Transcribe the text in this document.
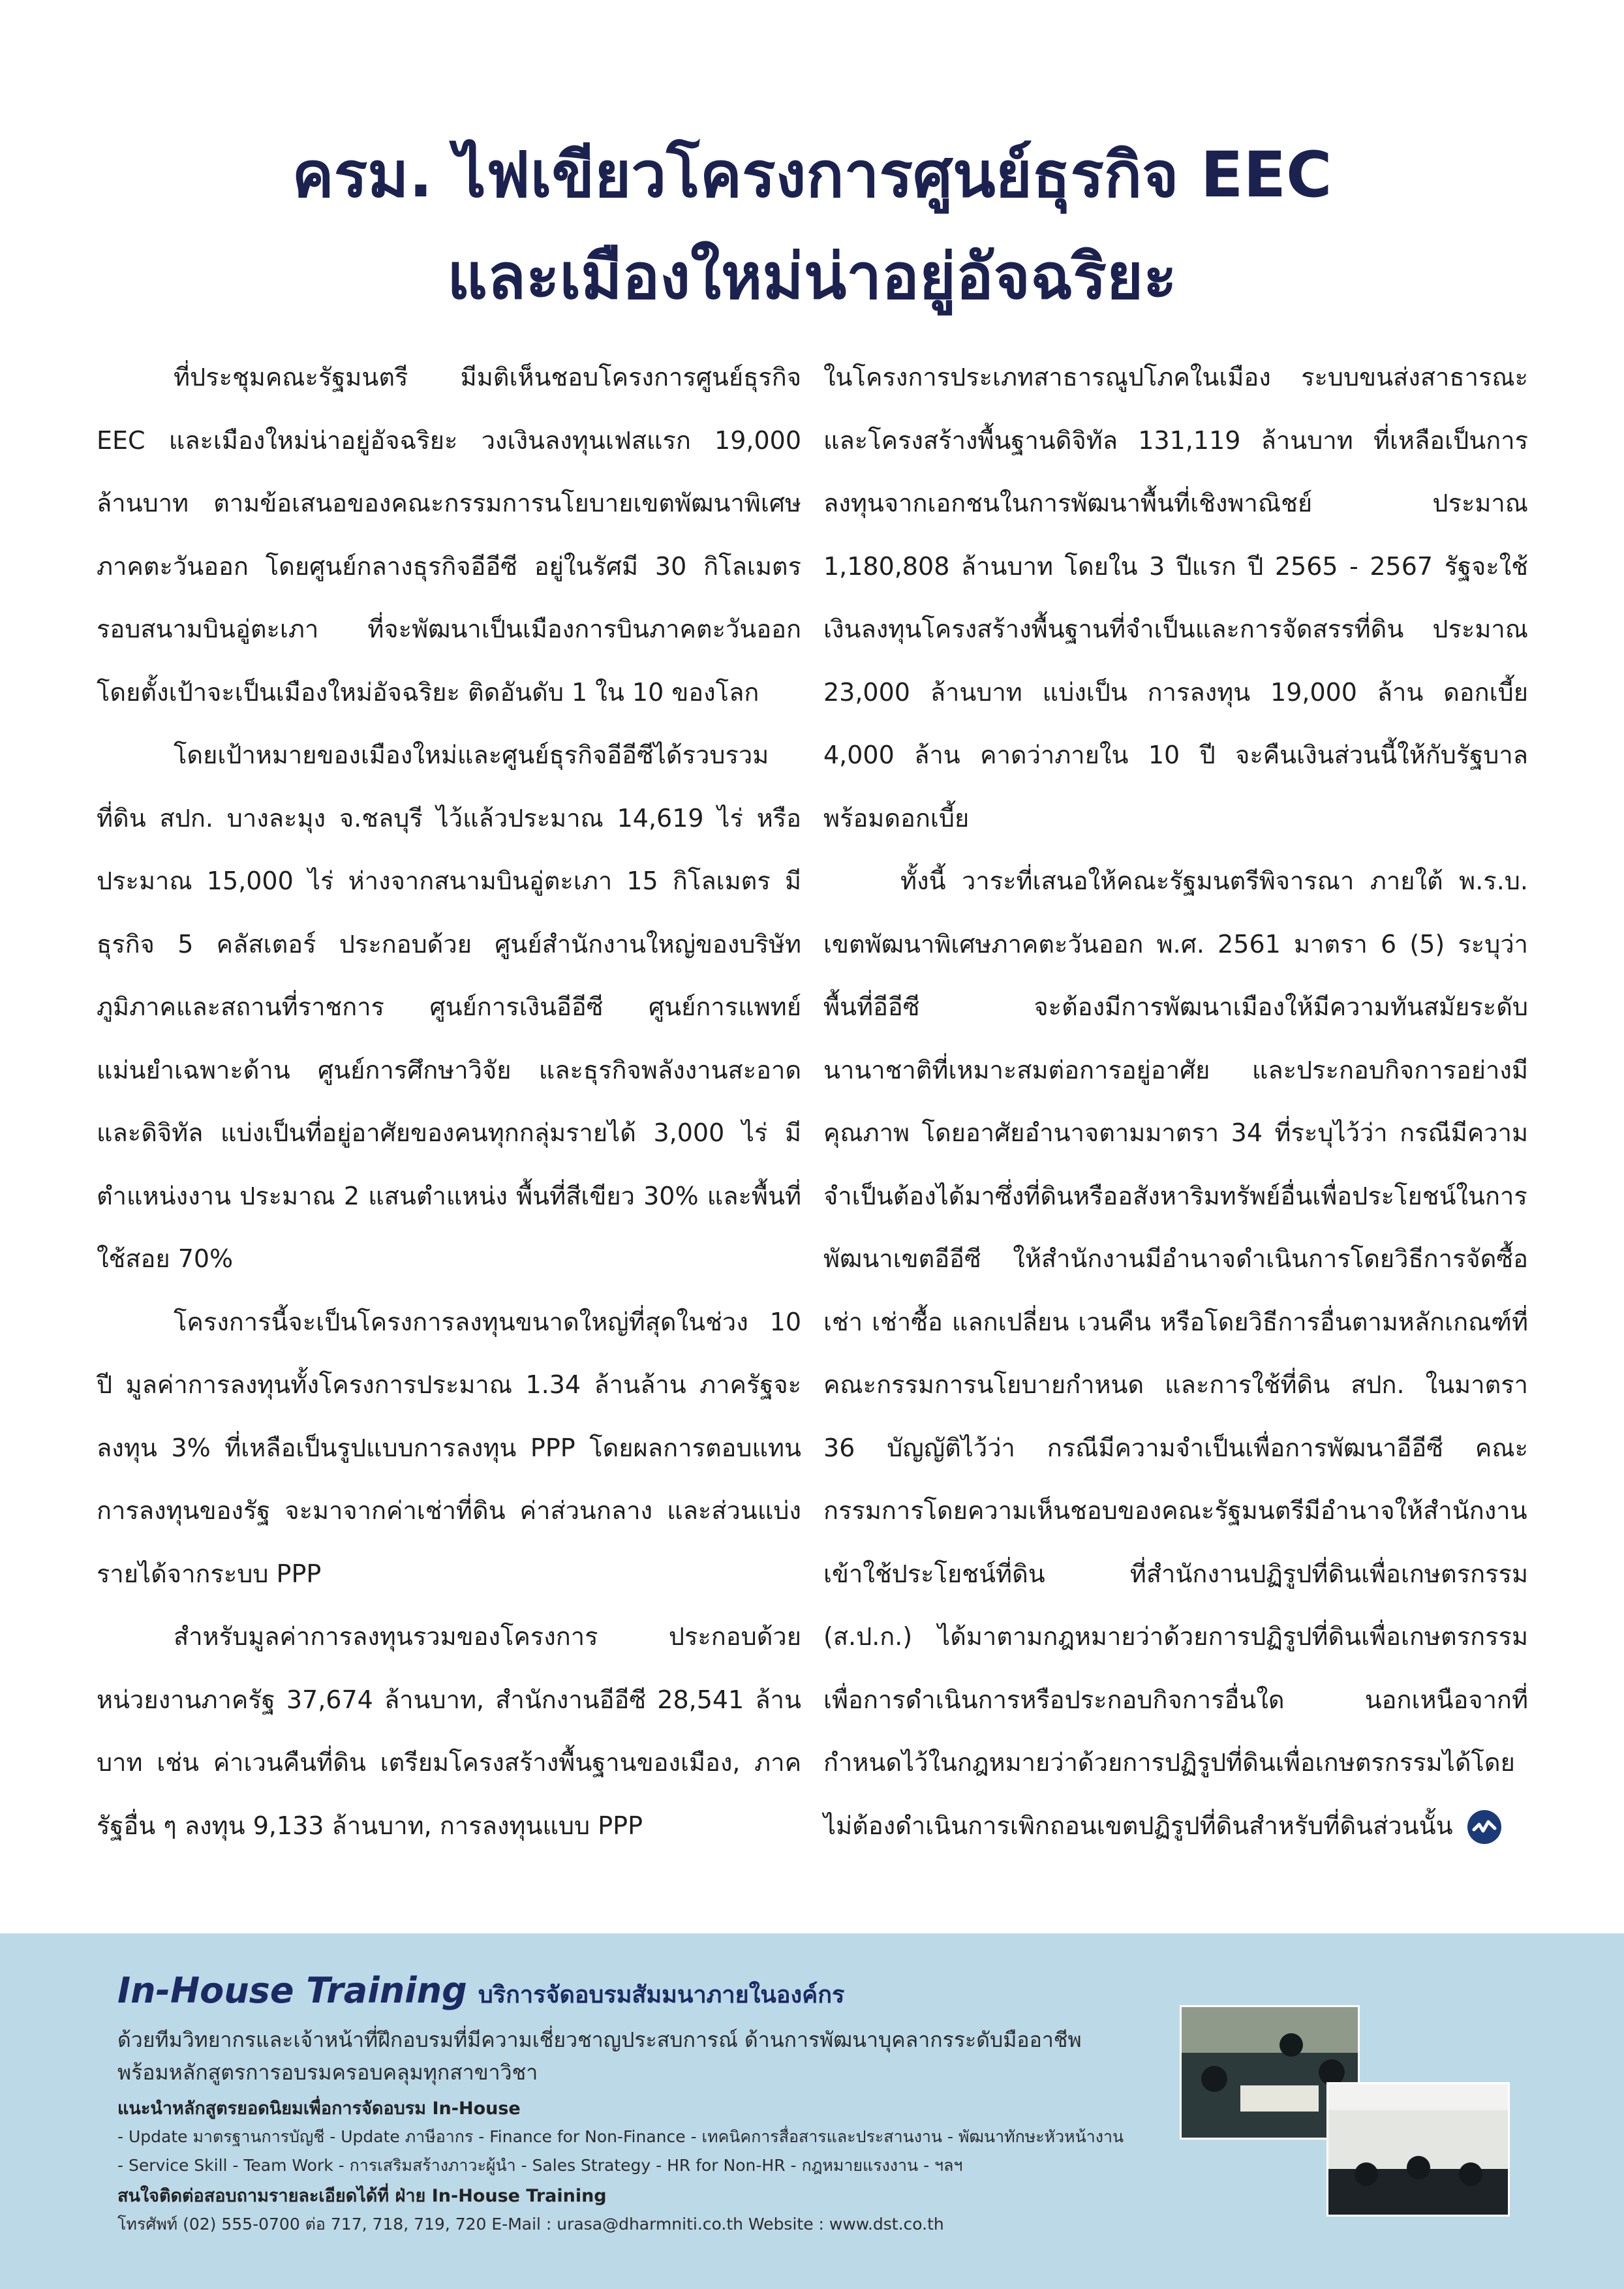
ครม. ไฟเขียวโครงการศูนย์ธุรกิจ EEC
และเมืองใหม่น่าอยู่อัจฉริยะ

ที่ประชุมคณะรัฐมนตรี มีมติเห็นชอบโครงการศูนย์ธุรกิจ EEC และเมืองใหม่น่าอยู่อัจฉริยะ วงเงินลงทุนเฟสแรก 19,000 ล้านบาท ตามข้อเสนอของคณะกรรมการนโยบายเขตพัฒนาพิเศษภาคตะวันออก โดยศูนย์กลางธุรกิจอีอีซี อยู่ในรัศมี 30 กิโลเมตร รอบสนามบินอู่ตะเภา ที่จะพัฒนาเป็นเมืองการบินภาคตะวันออก โดยตั้งเป้าจะเป็นเมืองใหม่อัจฉริยะ ติดอันดับ 1 ใน 10 ของโลก

โดยเป้าหมายของเมืองใหม่และศูนย์ธุรกิจอีอีซีได้รวบรวมที่ดิน สปก. บางละมุง จ.ชลบุรี ไว้แล้วประมาณ 14,619 ไร่ หรือประมาณ 15,000 ไร่ ห่างจากสนามบินอู่ตะเภา 15 กิโลเมตร มีธุรกิจ 5 คลัสเตอร์ ประกอบด้วย ศูนย์สำนักงานใหญ่ของบริษัทภูมิภาคและสถานที่ราชการ ศูนย์การเงินอีอีซี ศูนย์การแพทย์แม่นยำเฉพาะด้าน ศูนย์การศึกษาวิจัย และธุรกิจพลังงานสะอาดและดิจิทัล แบ่งเป็นที่อยู่อาศัยของคนทุกกลุ่มรายได้ 3,000 ไร่ มีตำแหน่งงาน ประมาณ 2 แสนตำแหน่ง พื้นที่สีเขียว 30% และพื้นที่ใช้สอย 70%

โครงการนี้จะเป็นโครงการลงทุนขนาดใหญ่ที่สุดในช่วง 10 ปี มูลค่าการลงทุนทั้งโครงการประมาณ 1.34 ล้านล้าน ภาครัฐจะลงทุน 3% ที่เหลือเป็นรูปแบบการลงทุน PPP โดยผลการตอบแทนการลงทุนของรัฐ จะมาจากค่าเช่าที่ดิน ค่าส่วนกลาง และส่วนแบ่งรายได้จากระบบ PPP

สำหรับมูลค่าการลงทุนรวมของโครงการ ประกอบด้วย หน่วยงานภาครัฐ 37,674 ล้านบาท, สำนักงานอีอีซี 28,541 ล้านบาท เช่น ค่าเวนคืนที่ดิน เตรียมโครงสร้างพื้นฐานของเมือง, ภาครัฐอื่น ๆ ลงทุน 9,133 ล้านบาท, การลงทุนแบบ PPP

ในโครงการประเภทสาธารณูปโภคในเมือง ระบบขนส่งสาธารณะ และโครงสร้างพื้นฐานดิจิทัล 131,119 ล้านบาท ที่เหลือเป็นการลงทุนจากเอกชนในการพัฒนาพื้นที่เชิงพาณิชย์ ประมาณ 1,180,808 ล้านบาท โดยใน 3 ปีแรก ปี 2565 - 2567 รัฐจะใช้เงินลงทุนโครงสร้างพื้นฐานที่จำเป็นและการจัดสรรที่ดิน ประมาณ 23,000 ล้านบาท แบ่งเป็น การลงทุน 19,000 ล้าน ดอกเบี้ย 4,000 ล้าน คาดว่าภายใน 10 ปี จะคืนเงินส่วนนี้ให้กับรัฐบาลพร้อมดอกเบี้ย

ทั้งนี้ วาระที่เสนอให้คณะรัฐมนตรีพิจารณา ภายใต้ พ.ร.บ. เขตพัฒนาพิเศษภาคตะวันออก พ.ศ. 2561 มาตรา 6 (5) ระบุว่า พื้นที่อีอีซี จะต้องมีการพัฒนาเมืองให้มีความทันสมัยระดับนานาชาติที่เหมาะสมต่อการอยู่อาศัย และประกอบกิจการอย่างมีคุณภาพ โดยอาศัยอำนาจตามมาตรา 34 ที่ระบุไว้ว่า กรณีมีความจำเป็นต้องได้มาซึ่งที่ดินหรืออสังหาริมทรัพย์อื่นเพื่อประโยชน์ในการพัฒนาเขตอีอีซี ให้สำนักงานมีอำนาจดำเนินการโดยวิธีการจัดซื้อ เช่า เช่าซื้อ แลกเปลี่ยน เวนคืน หรือโดยวิธีการอื่นตามหลักเกณฑ์ที่คณะกรรมการนโยบายกำหนด และการใช้ที่ดิน สปก. ในมาตรา 36 บัญญัติไว้ว่า กรณีมีความจำเป็นเพื่อการพัฒนาอีอีซี คณะกรรมการโดยความเห็นชอบของคณะรัฐมนตรีมีอำนาจให้สำนักงานเข้าใช้ประโยชน์ที่ดิน ที่สำนักงานปฏิรูปที่ดินเพื่อเกษตรกรรม (ส.ป.ก.) ได้มาตามกฎหมายว่าด้วยการปฏิรูปที่ดินเพื่อเกษตรกรรม เพื่อการดำเนินการหรือประกอบกิจการอื่นใด นอกเหนือจากที่กำหนดไว้ในกฎหมายว่าด้วยการปฏิรูปที่ดินเพื่อเกษตรกรรมได้โดยไม่ต้องดำเนินการเพิกถอนเขตปฏิรูปที่ดินสำหรับที่ดินส่วนนั้น

In-House Training บริการจัดอบรมสัมมนาภายในองค์กร
ด้วยทีมวิทยากรและเจ้าหน้าที่ฝึกอบรมที่มีความเชี่ยวชาญประสบการณ์ ด้านการพัฒนาบุคลากรระดับมืออาชีพ
พร้อมหลักสูตรการอบรมครอบคลุมทุกสาขาวิชา
แนะนำหลักสูตรยอดนิยมเพื่อการจัดอบรม In-House
- Update มาตรฐานการบัญชี - Update ภาษีอากร - Finance for Non-Finance - เทคนิคการสื่อสารและประสานงาน - พัฒนาทักษะหัวหน้างาน
- Service Skill - Team Work - การเสริมสร้างภาวะผู้นำ - Sales Strategy - HR for Non-HR - กฎหมายแรงงาน - ฯลฯ
สนใจติดต่อสอบถามรายละเอียดได้ที่ ฝ่าย In-House Training
โทรศัพท์ (02) 555-0700 ต่อ 717, 718, 719, 720 E-Mail : urasa@dharmniti.co.th Website : www.dst.co.th
